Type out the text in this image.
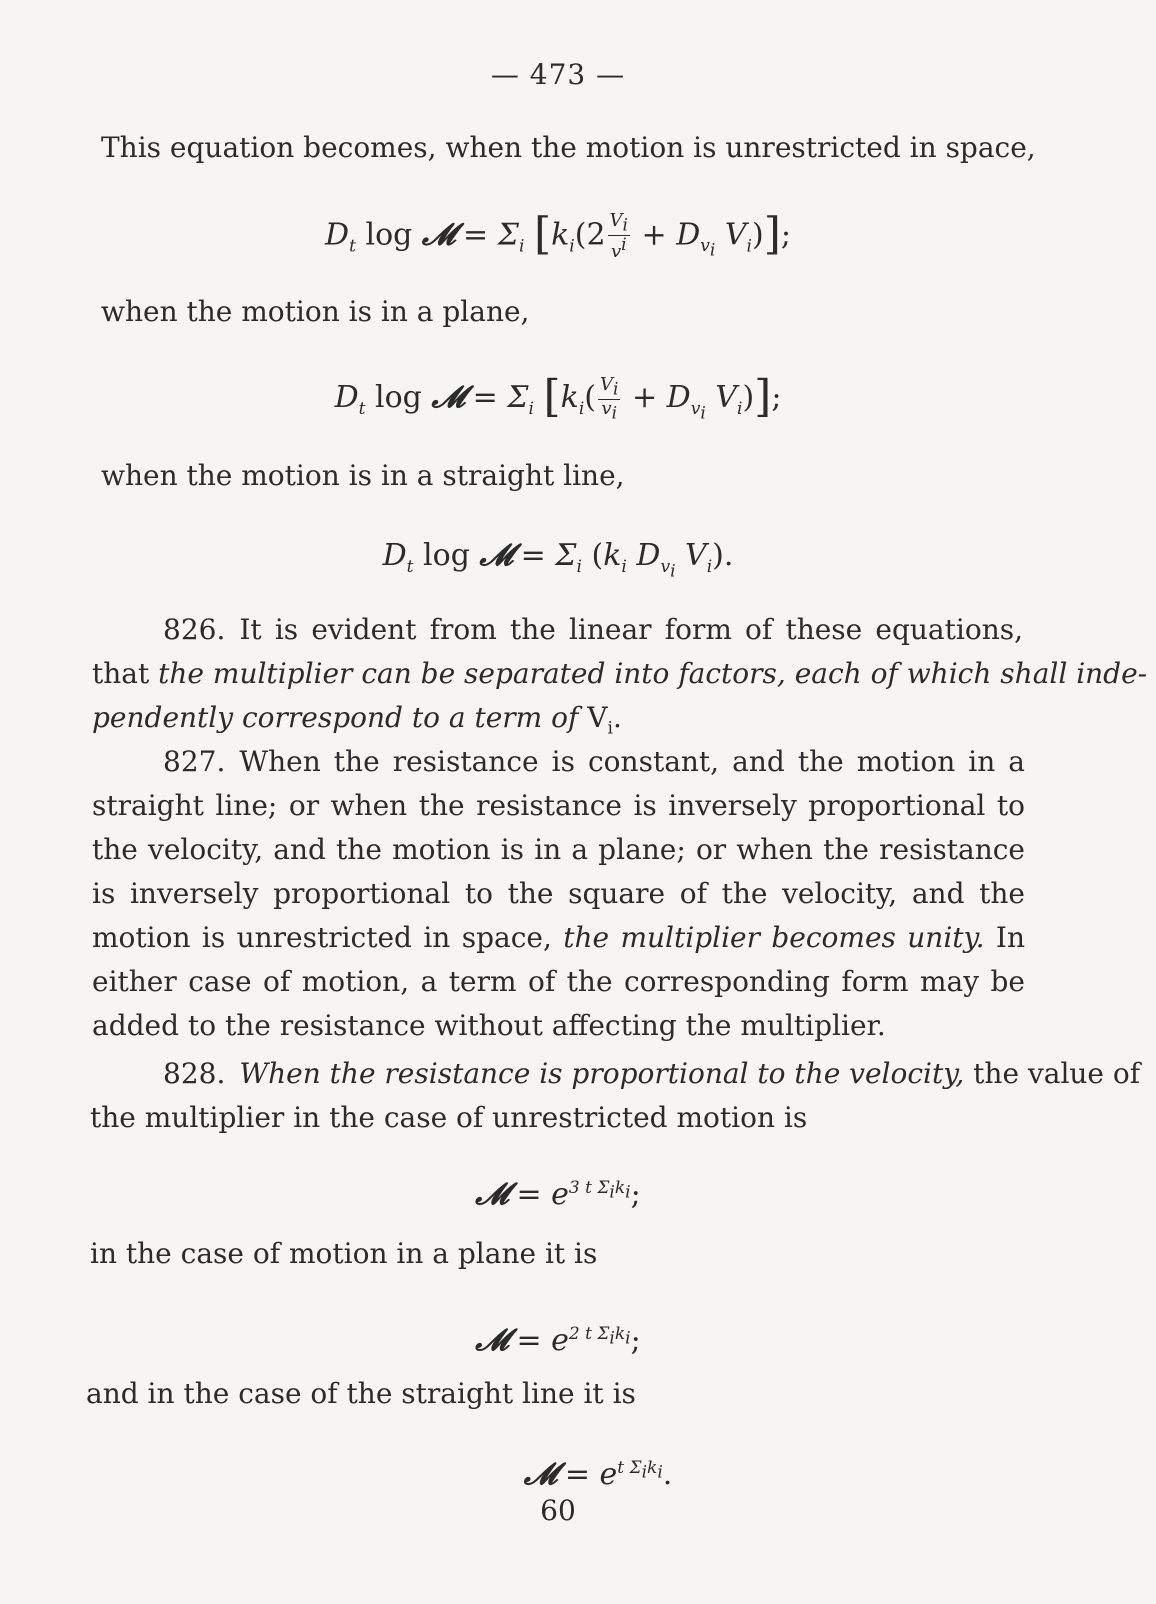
— 473 —
This equation becomes, when the motion is unrestricted in space,
$D_t$ log 𝓜 = $\Sigma_i$ [$k_i(2 \frac{V_i}{v^i} + D_{v_i}$ $V_i$)];
when the motion is in a plane,
$D_t$ log 𝓜 = $\Sigma_i$ [$k_i( \frac{V_i}{v_i} + D_{v_i}$ $V_i$)];
when the motion is in a straight line,
$D_t$ log 𝓜 = $\Sigma_i$ ($k_i$ $D_{v_i}$ $V_i$).
826. It is evident from the linear form of these equations,
that the multiplier can be separated into factors, each of which shall inde-
pendently correspond to a term of $V_i$.
827. When the resistance is constant, and the motion in a
straight line; or when the resistance is inversely proportional to
the velocity, and the motion is in a plane; or when the resistance
is inversely proportional to the square of the velocity, and the
motion is unrestricted in space, the multiplier becomes unity. In
either case of motion, a term of the corresponding form may be
added to the resistance without affecting the multiplier.
828. When the resistance is proportional to the velocity, the value of
the multiplier in the case of unrestricted motion is
𝓜 = $e^{3 t \Sigma_ik_i}$;
in the case of motion in a plane it is
𝓜 = $e^{2 t \Sigma_ik_i}$;
and in the case of the straight line it is
𝓜 = $e^{t \Sigma_ik_i}$.
60
